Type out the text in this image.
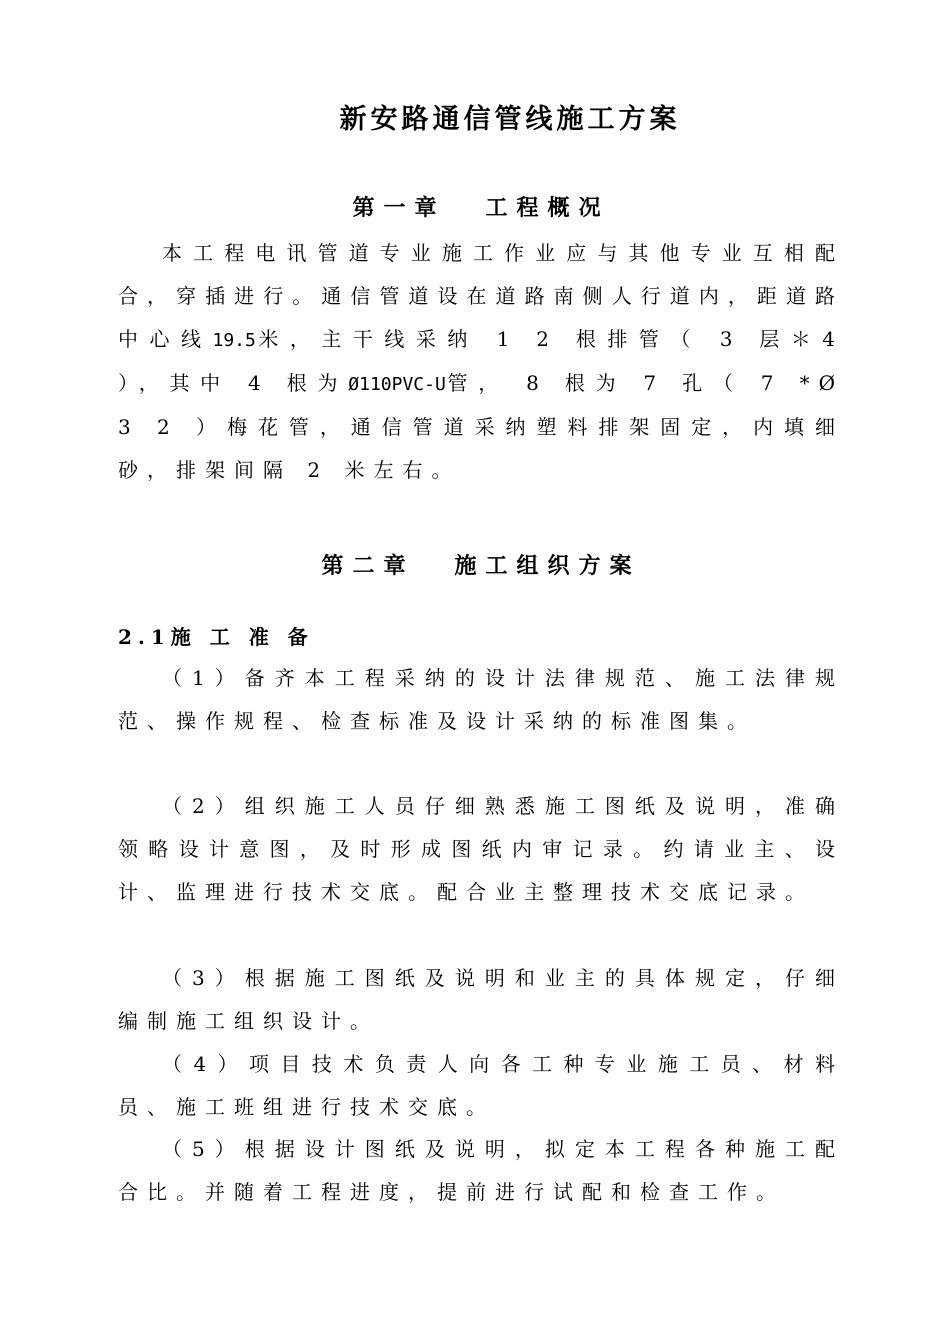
新安路通信管线施工方案
第一章 工程概况

本工程电讯管道专业施工作业应与其他专业互相配合，穿插进行。通信管道设在道路南侧人行道内，距道路中心线19.5米，主干线采纳 1 2 根排管（ 3 层＊4 ），其中 4 根为Ø110PVC-U管， 8 根为 7 孔（ 7 *Ø 3 2 ）梅花管，通信管道采纳塑料排架固定，内填细砂，排架间隔 2 米左右。

第二章 施工组织方案
2.1施 工 准 备

（1）备齐本工程采纳的设计法律规范、施工法律规范、操作规程、检查标准及设计采纳的标准图集。

（2）组织施工人员仔细熟悉施工图纸及说明，准确领略设计意图，及时形成图纸内审记录。约请业主、设计、监理进行技术交底。配合业主整理技术交底记录。

（3）根据施工图纸及说明和业主的具体规定，仔细编制施工组织设计。

（4）项目技术负责人向各工种专业施工员、材料员、施工班组进行技术交底。

（5）根据设计图纸及说明，拟定本工程各种施工配合比。并随着工程进度，提前进行试配和检查工作。
